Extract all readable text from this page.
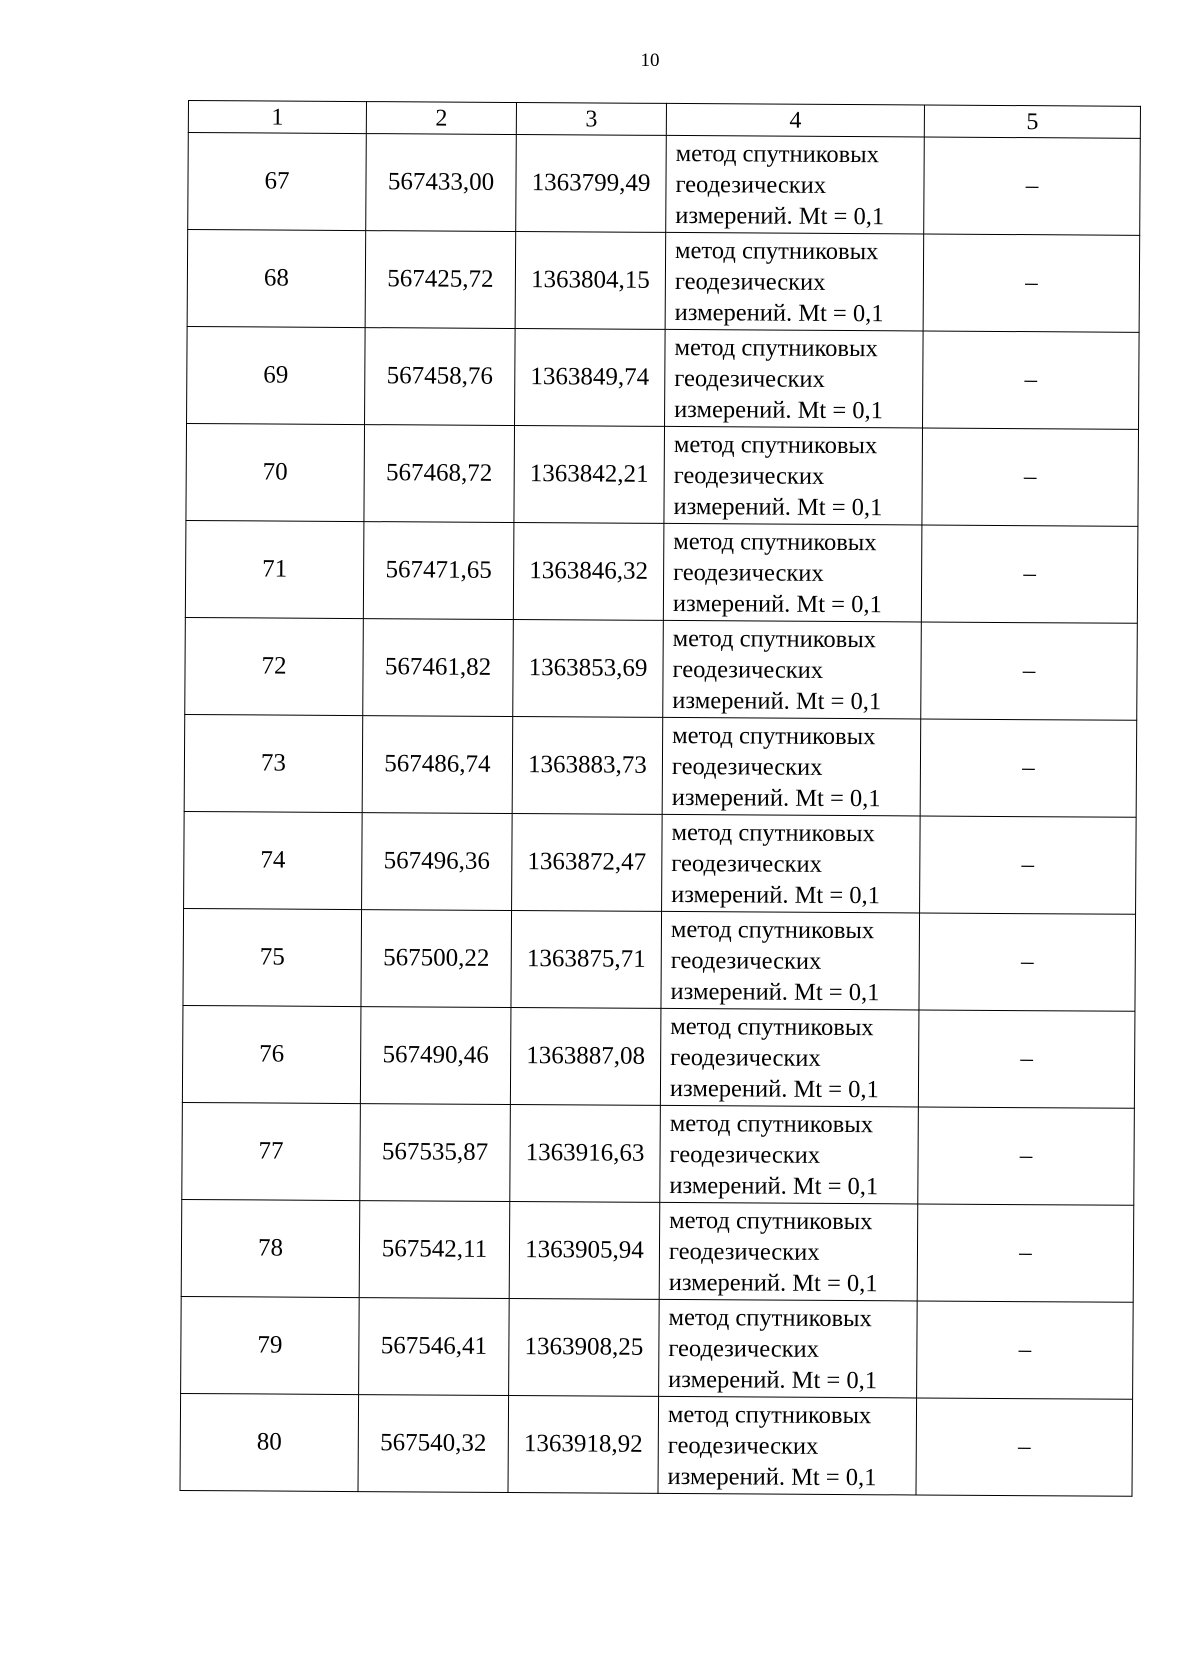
10
1	2	3	4	5
67	567433,00	1363799,49	метод спутниковых
геодезических
измерений. Mt = 0,1	–
68	567425,72	1363804,15	метод спутниковых
геодезических
измерений. Mt = 0,1	–
69	567458,76	1363849,74	метод спутниковых
геодезических
измерений. Mt = 0,1	–
70	567468,72	1363842,21	метод спутниковых
геодезических
измерений. Mt = 0,1	–
71	567471,65	1363846,32	метод спутниковых
геодезических
измерений. Mt = 0,1	–
72	567461,82	1363853,69	метод спутниковых
геодезических
измерений. Mt = 0,1	–
73	567486,74	1363883,73	метод спутниковых
геодезических
измерений. Mt = 0,1	–
74	567496,36	1363872,47	метод спутниковых
геодезических
измерений. Mt = 0,1	–
75	567500,22	1363875,71	метод спутниковых
геодезических
измерений. Mt = 0,1	–
76	567490,46	1363887,08	метод спутниковых
геодезических
измерений. Mt = 0,1	–
77	567535,87	1363916,63	метод спутниковых
геодезических
измерений. Mt = 0,1	–
78	567542,11	1363905,94	метод спутниковых
геодезических
измерений. Mt = 0,1	–
79	567546,41	1363908,25	метод спутниковых
геодезических
измерений. Mt = 0,1	–
80	567540,32	1363918,92	метод спутниковых
геодезических
измерений. Mt = 0,1	–
